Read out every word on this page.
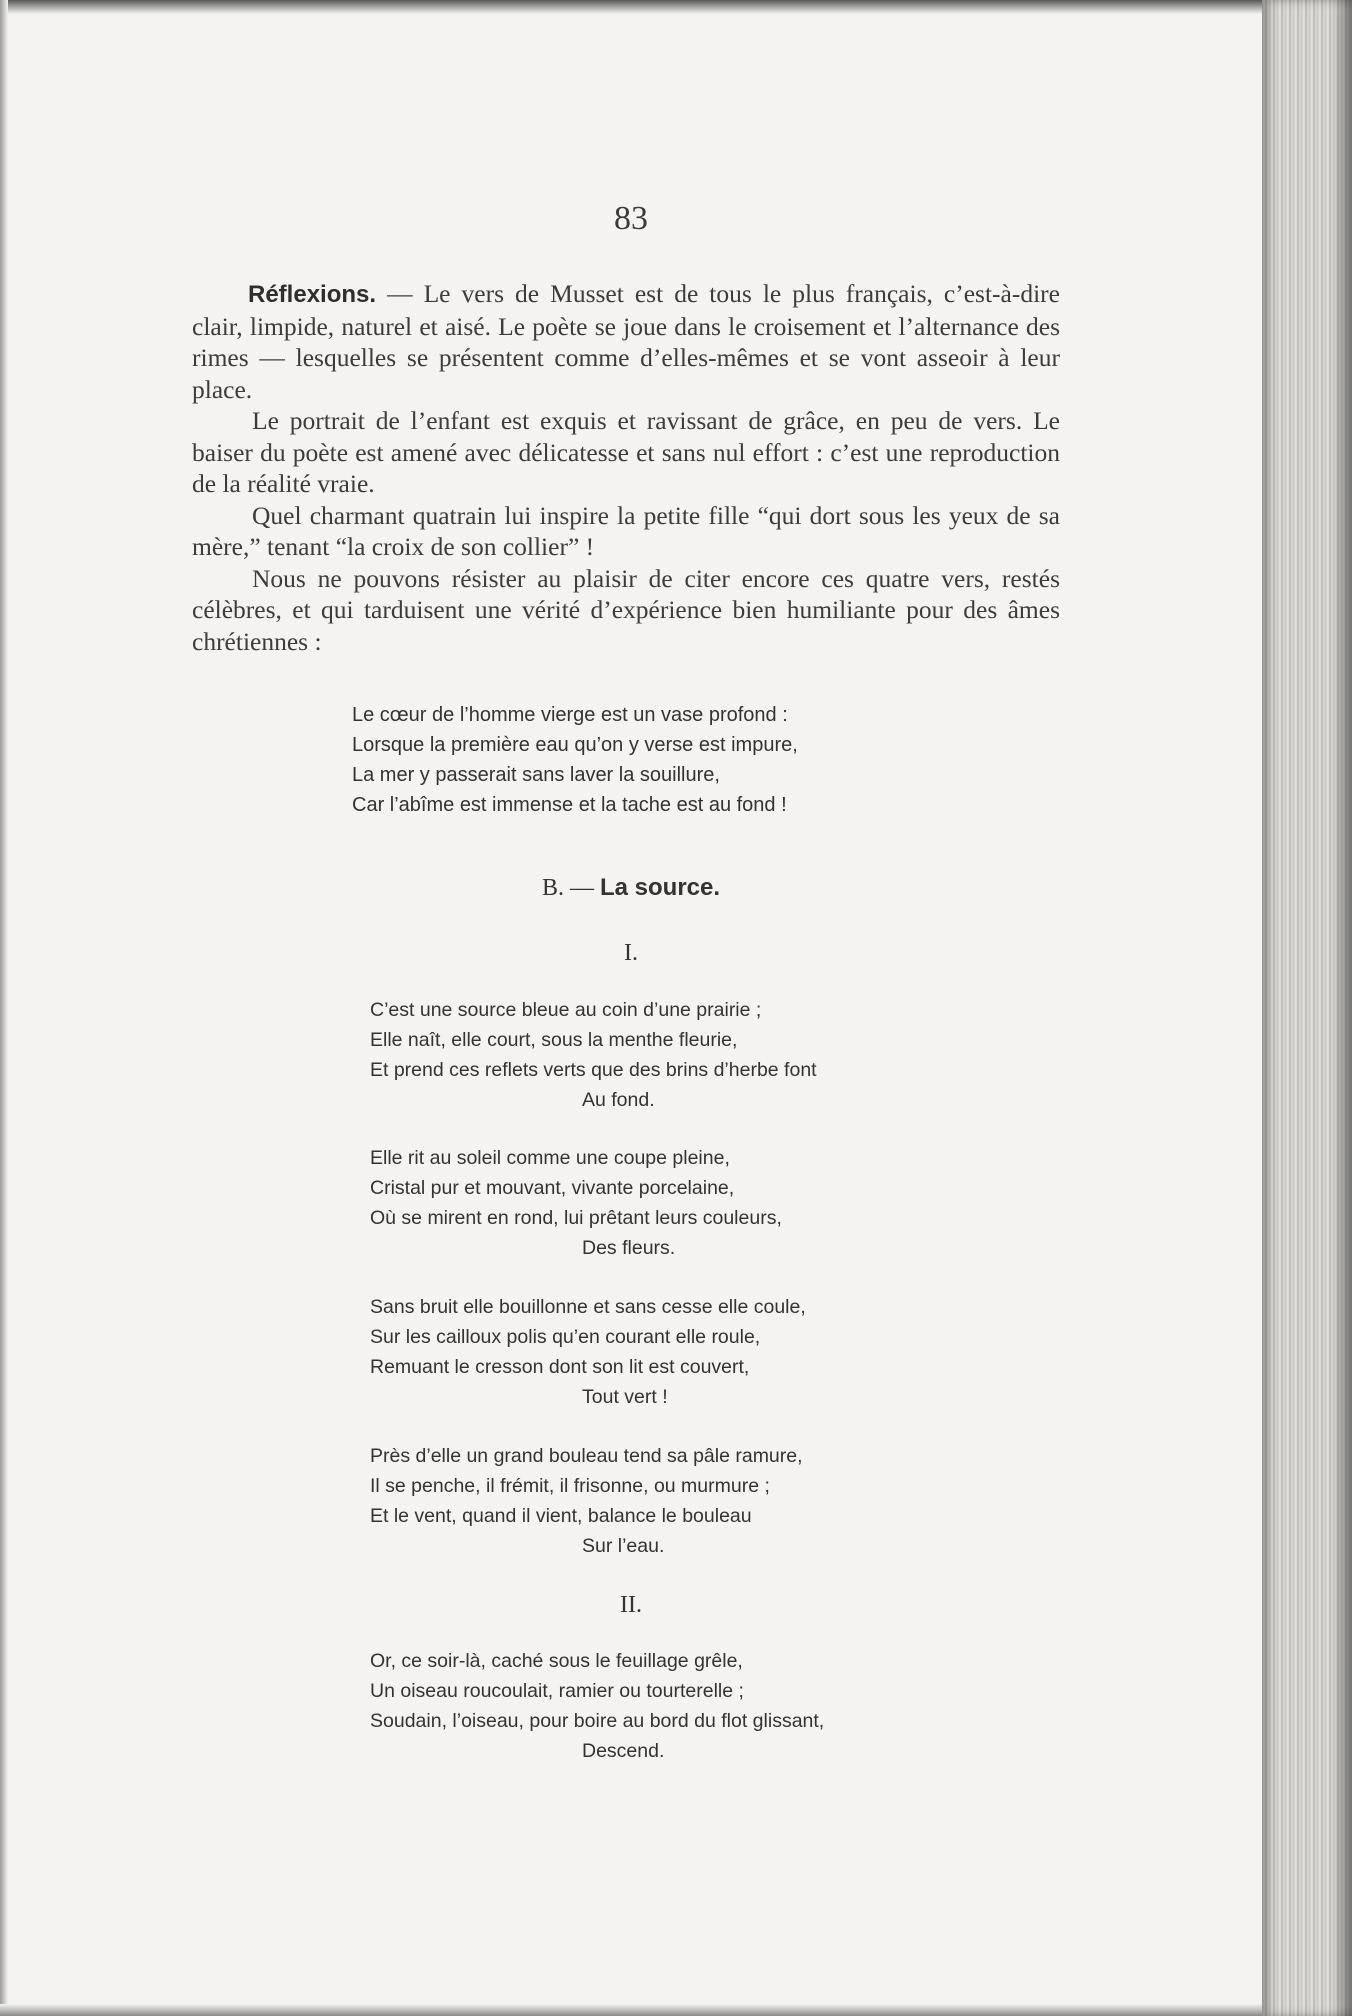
83

Réflexions. — Le vers de Musset est de tous le plus français, c’est-à-dire clair, limpide, naturel et aisé. Le poète se joue dans le croisement et l’alternance des rimes — lesquelles se présentent comme d’elles-mêmes et se vont asseoir à leur place.

Le portrait de l’enfant est exquis et ravissant de grâce, en peu de vers. Le baiser du poète est amené avec délicatesse et sans nul effort : c’est une reproduction de la réalité vraie.

Quel charmant quatrain lui inspire la petite fille “qui dort sous les yeux de sa mère,” tenant “la croix de son collier” !

Nous ne pouvons résister au plaisir de citer encore ces quatre vers, restés célèbres, et qui tarduisent une vérité d’expérience bien humiliante pour des âmes chrétiennes :

Le cœur de l’homme vierge est un vase profond :
Lorsque la première eau qu’on y verse est impure,
La mer y passerait sans laver la souillure,
Car l’abîme est immense et la tache est au fond !
B. — La source.
I.
C’est une source bleue au coin d’une prairie ;
Elle naît, elle court, sous la menthe fleurie,
Et prend ces reflets verts que des brins d’herbe font
Au fond.
Elle rit au soleil comme une coupe pleine,
Cristal pur et mouvant, vivante porcelaine,
Où se mirent en rond, lui prêtant leurs couleurs,
Des fleurs.
Sans bruit elle bouillonne et sans cesse elle coule,
Sur les cailloux polis qu’en courant elle roule,
Remuant le cresson dont son lit est couvert,
Tout vert !
Près d’elle un grand bouleau tend sa pâle ramure,
Il se penche, il frémit, il frisonne, ou murmure ;
Et le vent, quand il vient, balance le bouleau
Sur l’eau.
II.
Or, ce soir-là, caché sous le feuillage grêle,
Un oiseau roucoulait, ramier ou tourterelle ;
Soudain, l’oiseau, pour boire au bord du flot glissant,
Descend.
